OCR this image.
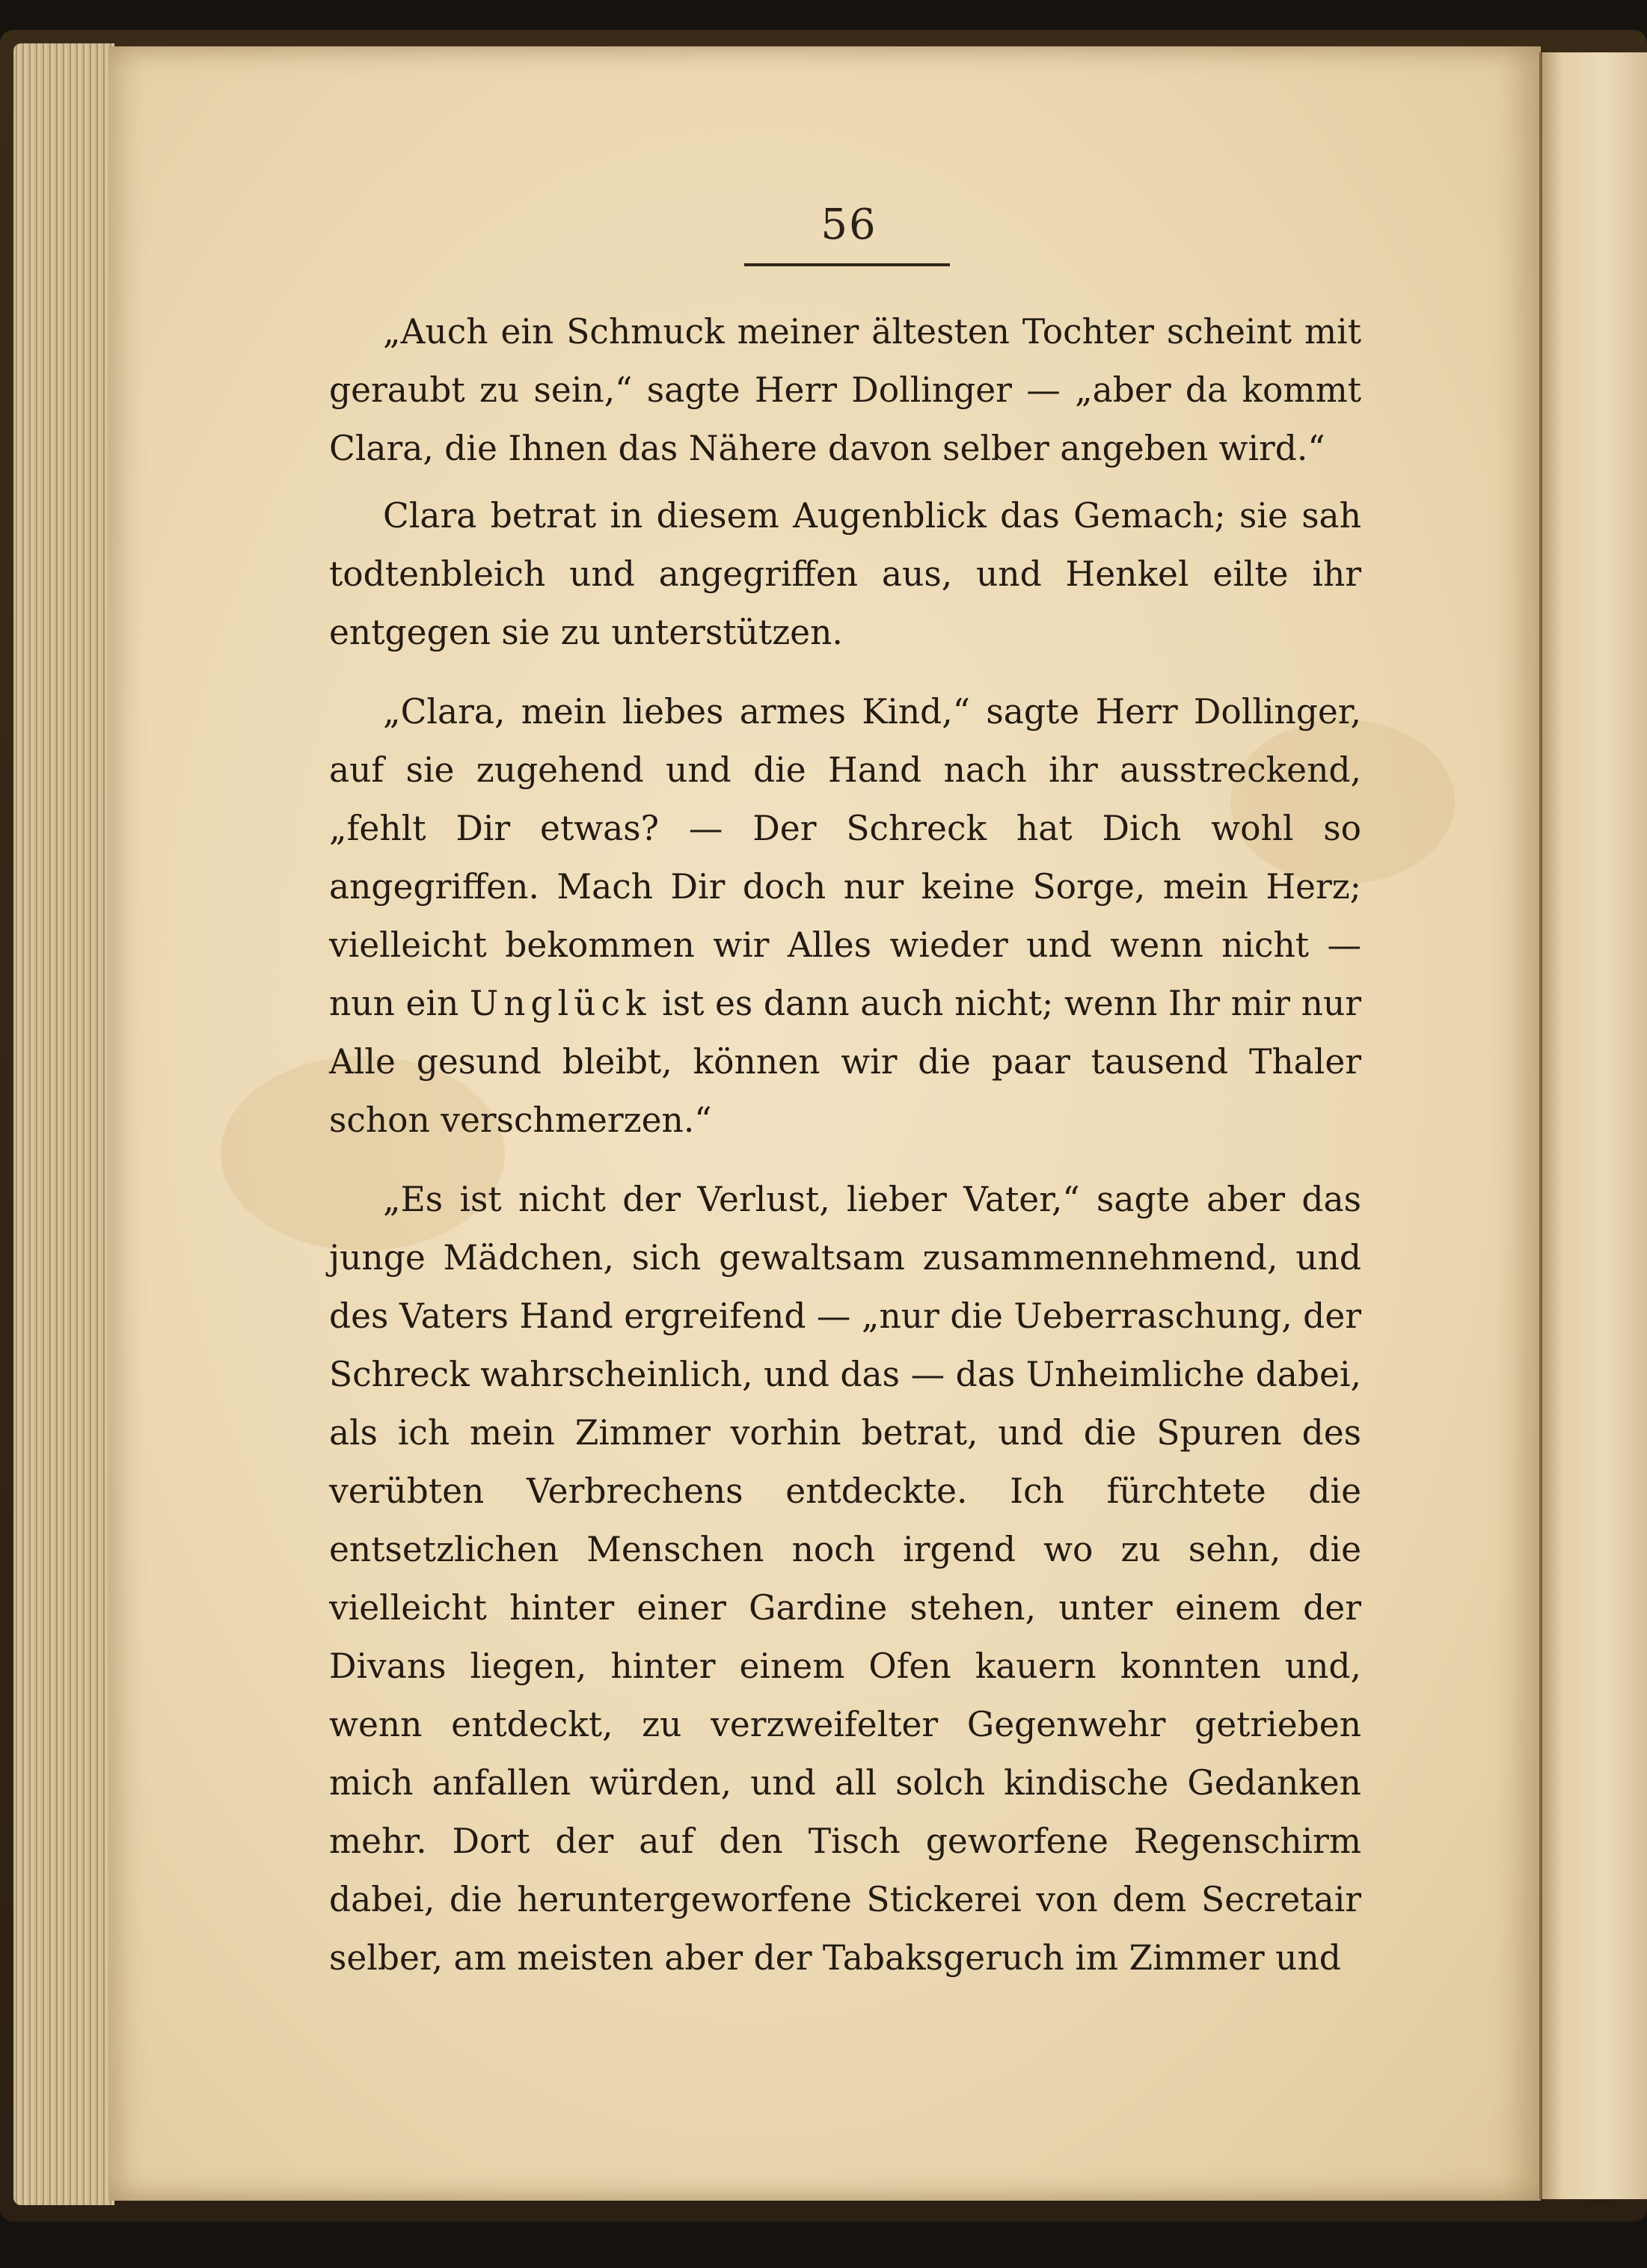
56

„Auch ein Schmuck meiner ältesten Tochter scheint mit geraubt zu sein,“ sagte Herr Dollinger — „aber da kommt Clara, die Ihnen das Nähere davon selber angeben wird.“

Clara betrat in diesem Augenblick das Gemach; sie sah todtenbleich und angegriffen aus, und Henkel eilte ihr entgegen sie zu unterstützen.

„Clara, mein liebes armes Kind,“ sagte Herr Dollinger, auf sie zugehend und die Hand nach ihr ausstreckend, „fehlt Dir etwas? — Der Schreck hat Dich wohl so angegriffen. Mach Dir doch nur keine Sorge, mein Herz; vielleicht bekommen wir Alles wieder und wenn nicht — nun ein Unglück ist es dann auch nicht; wenn Ihr mir nur Alle gesund bleibt, können wir die paar tausend Thaler schon verschmerzen.“

„Es ist nicht der Verlust, lieber Vater,“ sagte aber das junge Mädchen, sich gewaltsam zusammennehmend, und des Vaters Hand ergreifend — „nur die Ueberraschung, der Schreck wahrscheinlich, und das — das Unheimliche dabei, als ich mein Zimmer vorhin betrat, und die Spuren des verübten Verbrechens entdeckte. Ich fürchtete die entsetzlichen Menschen noch irgend wo zu sehn, die vielleicht hinter einer Gardine stehen, unter einem der Divans liegen, hinter einem Ofen kauern konnten und, wenn entdeckt, zu verzweifelter Gegenwehr getrieben mich anfallen würden, und all solch kindische Gedanken mehr. Dort der auf den Tisch geworfene Regenschirm dabei, die heruntergeworfene Stickerei von dem Secretair selber, am meisten aber der Tabaksgeruch im Zimmer und
